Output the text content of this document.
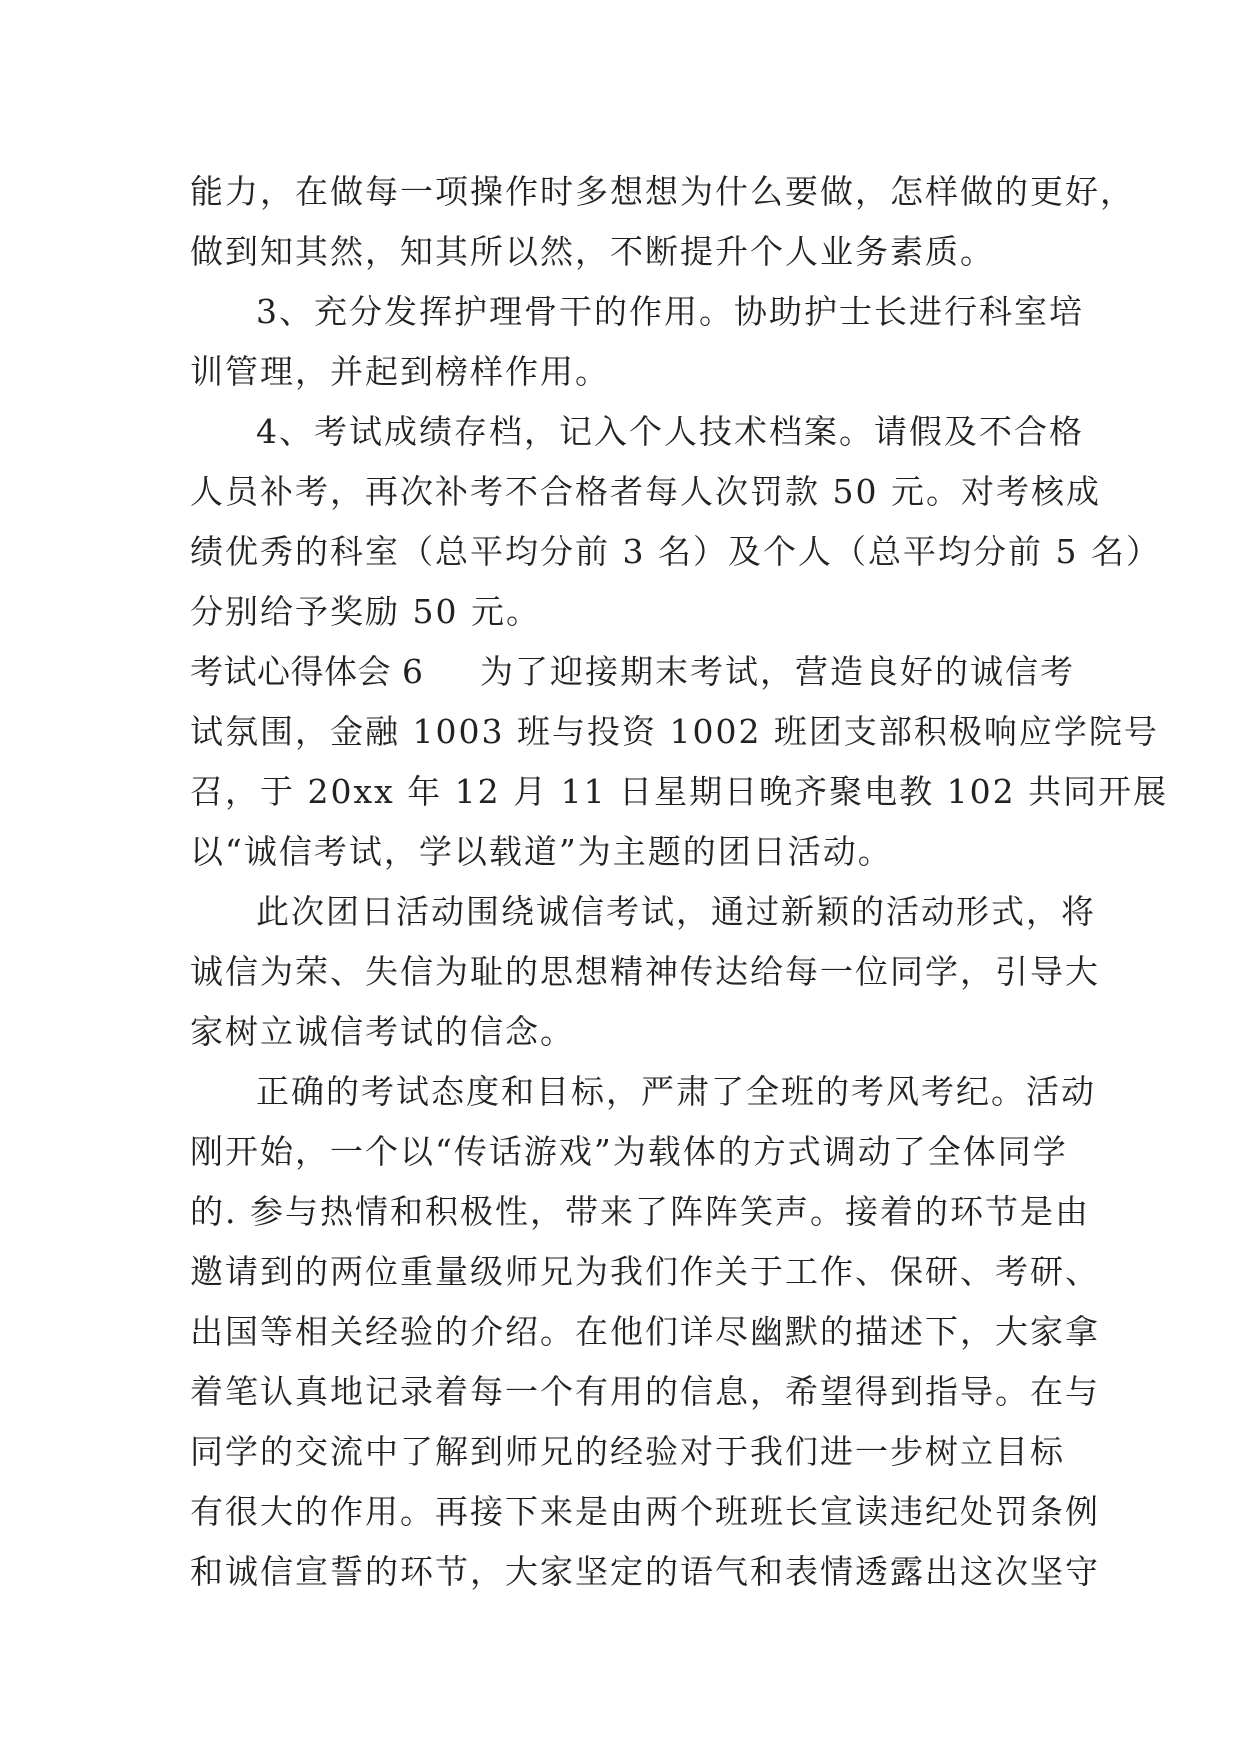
能力，在做每一项操作时多想想为什么要做，怎样做的更好，
做到知其然，知其所以然，不断提升个人业务素质。
3、充分发挥护理骨干的作用。协助护士长进行科室培
训管理，并起到榜样作用。
4、考试成绩存档，记入个人技术档案。请假及不合格
人员补考，再次补考不合格者每人次罚款 50 元。对考核成
绩优秀的科室（总平均分前 3 名）及个人（总平均分前 5 名）
分别给予奖励 50 元。
考试心得体会 6 为了迎接期末考试，营造良好的诚信考
试氛围，金融 1003 班与投资 1002 班团支部积极响应学院号
召，于 20xx 年 12 月 11 日星期日晚齐聚电教 102 共同开展
以“诚信考试，学以载道”为主题的团日活动。
此次团日活动围绕诚信考试，通过新颖的活动形式，将
诚信为荣、失信为耻的思想精神传达给每一位同学，引导大
家树立诚信考试的信念。
正确的考试态度和目标，严肃了全班的考风考纪。活动
刚开始，一个以“传话游戏”为载体的方式调动了全体同学
的. 参与热情和积极性，带来了阵阵笑声。接着的环节是由
邀请到的两位重量级师兄为我们作关于工作、保研、考研、
出国等相关经验的介绍。在他们详尽幽默的描述下，大家拿
着笔认真地记录着每一个有用的信息，希望得到指导。在与
同学的交流中了解到师兄的经验对于我们进一步树立目标
有很大的作用。再接下来是由两个班班长宣读违纪处罚条例
和诚信宣誓的环节，大家坚定的语气和表情透露出这次坚守
